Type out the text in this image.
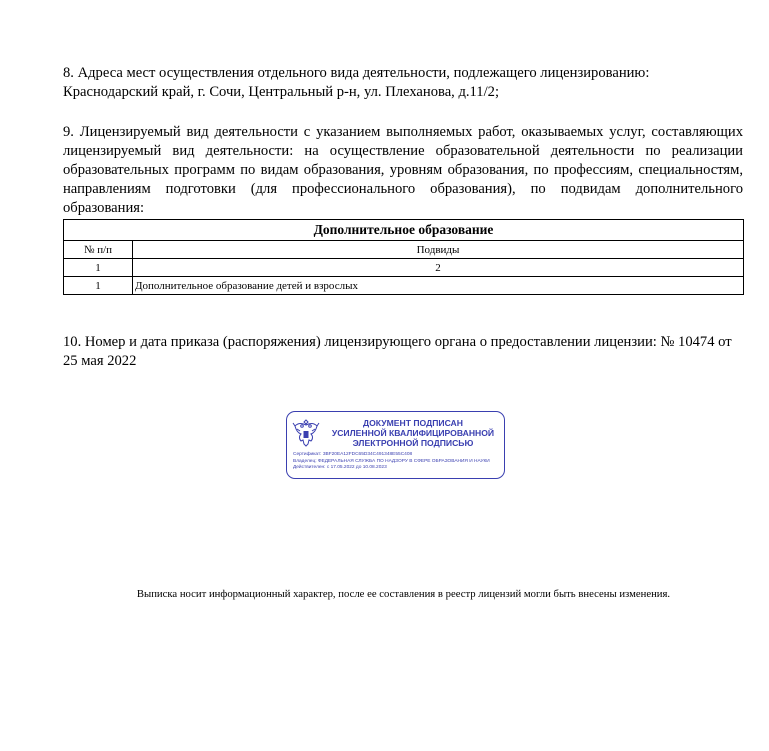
8. Адреса мест осуществления отдельного вида деятельности, подлежащего лицензированию:
Краснодарский край, г. Сочи, Центральный р-н, ул. Плеханова, д.11/2;
9. Лицензируемый вид деятельности с указанием выполняемых работ, оказываемых услуг, составляющих лицензируемый вид деятельности: на осуществление образовательной деятельности по реализации образовательных программ по видам образования, уровням образования, по профессиям, специальностям, направлениям подготовки (для профессионального образования), по подвидам дополнительного образования:
Дополнительное образование	
№ п/п	Подвиды
1	2
1	Дополнительное образование детей и взрослых
10. Номер и дата приказа (распоряжения) лицензирующего органа о предоставлении лицензии: № 10474 от 25 мая 2022
ДОКУМЕНТ ПОДПИСАН
УСИЛЕННОЙ КВАЛИФИЦИРОВАННОЙ
ЭЛЕКТРОННОЙ ПОДПИСЬЮ
Сертификат: 3BF20EA12FDC65D34C491348E55C408
Владелец: ФЕДЕРАЛЬНАЯ СЛУЖБА ПО НАДЗОРУ В СФЕРЕ ОБРАЗОВАНИЯ И НАУКИ
Действителен: с 17.05.2022 до 10.08.2023
Выписка носит информационный характер, после ее составления в реестр лицензий могли быть внесены изменения.
